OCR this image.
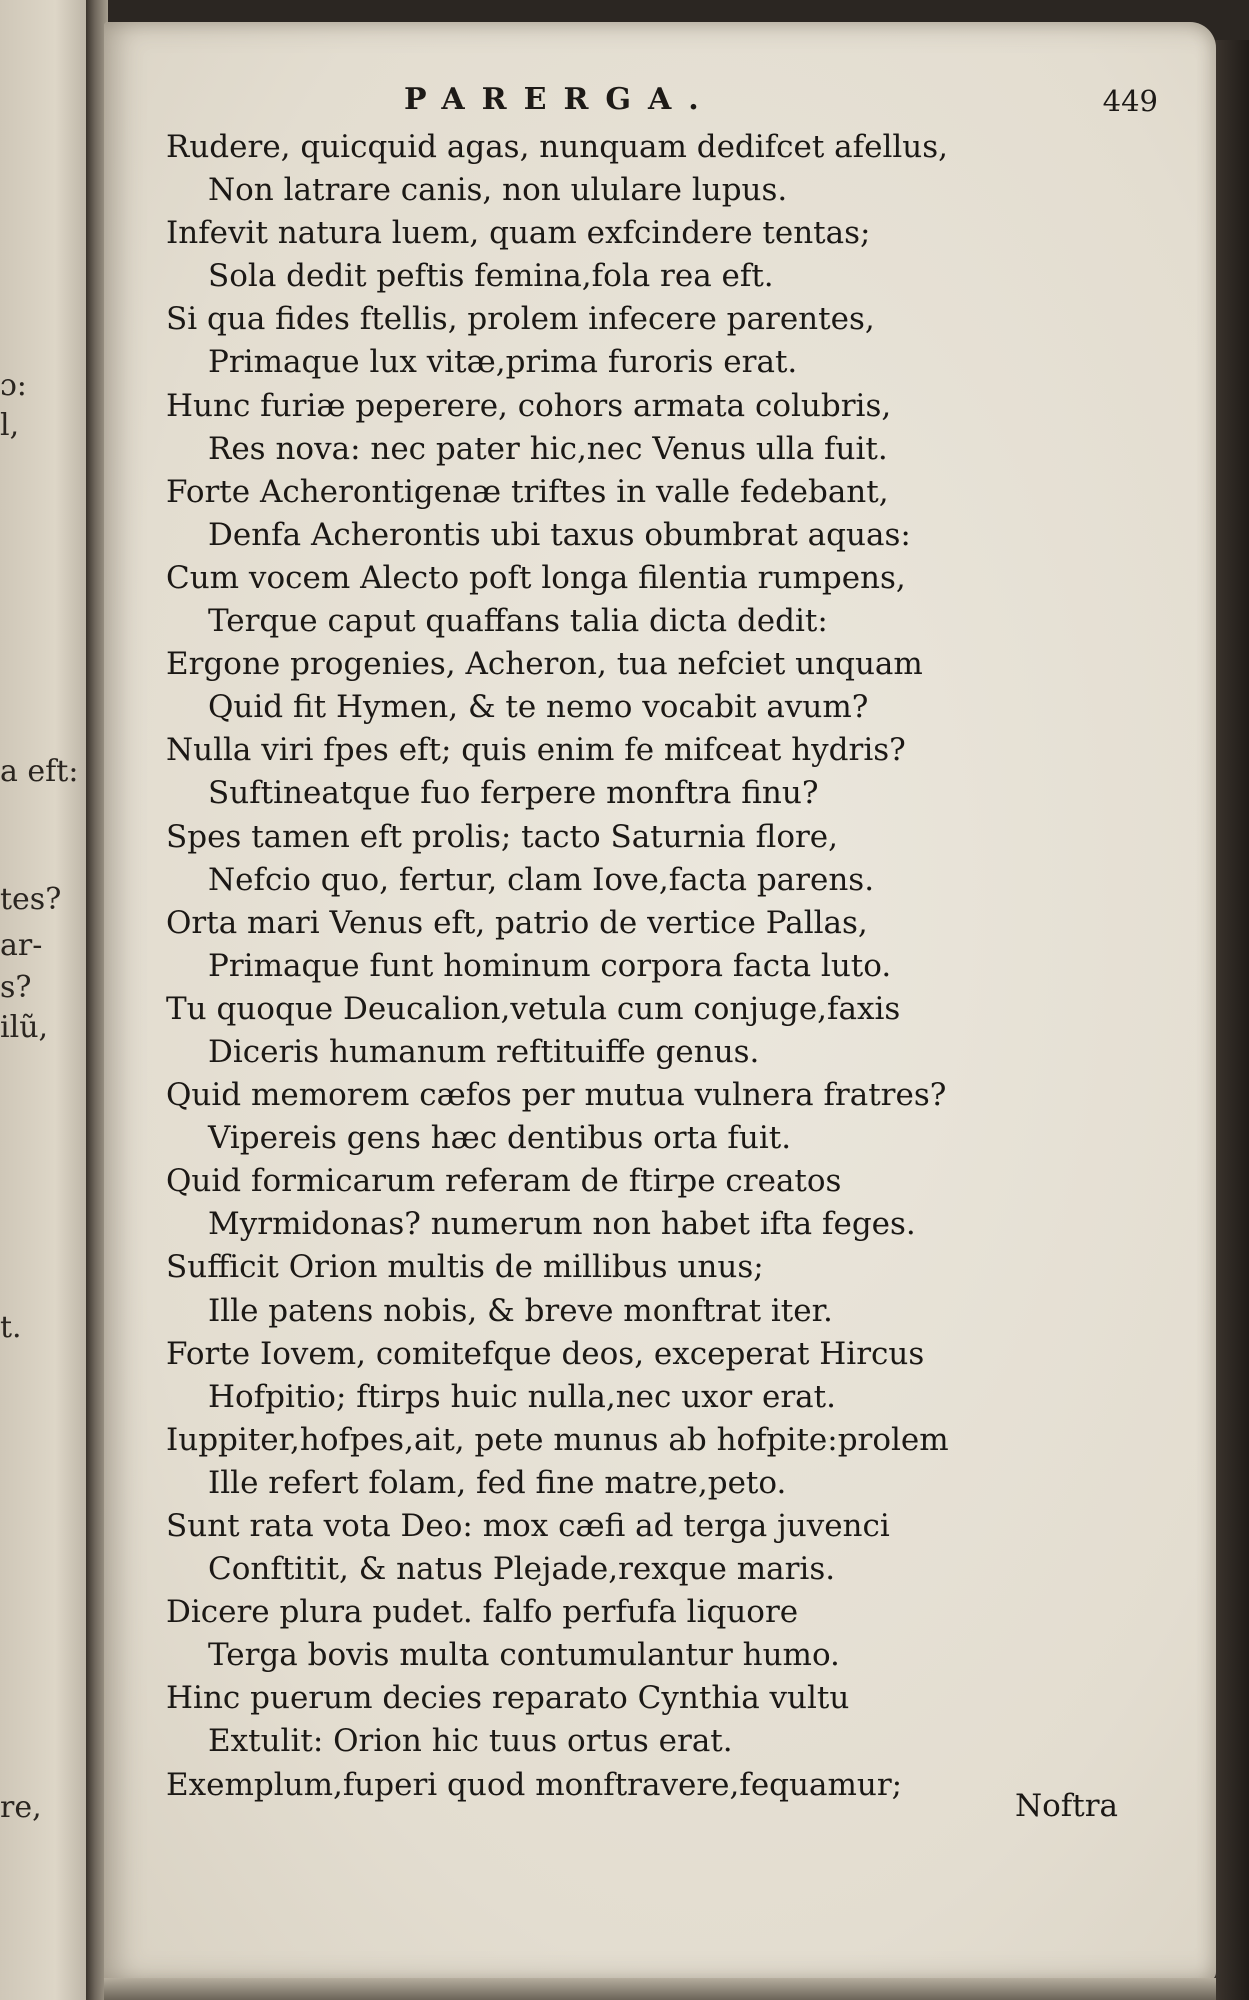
ɔ:
l,
a eft:
tes?
ar-
s?
ilũ,
t.
re,
PARERGA.	449
Rudere, quicquid agas, nunquam dedifcet afellus,
Non latrare canis, non ululare lupus.
Infevit natura luem, quam exfcindere tentas;
Sola dedit peftis femina,fola rea eft.
Si qua fides ftellis, prolem infecere parentes,
Primaque lux vitæ,prima furoris erat.
Hunc furiæ peperere, cohors armata colubris,
Res nova: nec pater hic,nec Venus ulla fuit.
Forte Acherontigenæ triftes in valle fedebant,
Denfa Acherontis ubi taxus obumbrat aquas:
Cum vocem Alecto poft longa filentia rumpens,
Terque caput quaffans talia dicta dedit:
Ergone progenies, Acheron, tua nefciet unquam
Quid fit Hymen, & te nemo vocabit avum?
Nulla viri fpes eft; quis enim fe mifceat hydris?
Suftineatque fuo ferpere monftra finu?
Spes tamen eft prolis; tacto Saturnia flore,
Nefcio quo, fertur, clam Iove,facta parens.
Orta mari Venus eft, patrio de vertice Pallas,
Primaque funt hominum corpora facta luto.
Tu quoque Deucalion,vetula cum conjuge,faxis
Diceris humanum reftituiffe genus.
Quid memorem cæfos per mutua vulnera fratres?
Vipereis gens hæc dentibus orta fuit.
Quid formicarum referam de ftirpe creatos
Myrmidonas? numerum non habet ifta feges.
Sufficit Orion multis de millibus unus;
Ille patens nobis, & breve monftrat iter.
Forte Iovem, comitefque deos, exceperat Hircus
Hofpitio; ftirps huic nulla,nec uxor erat.
Iuppiter,hofpes,ait, pete munus ab hofpite:prolem
Ille refert folam, fed fine matre,peto.
Sunt rata vota Deo: mox cæfi ad terga juvenci
Conftitit, & natus Plejade,rexque maris.
Dicere plura pudet. falfo perfufa liquore
Terga bovis multa contumulantur humo.
Hinc puerum decies reparato Cynthia vultu
Extulit: Orion hic tuus ortus erat.
Exemplum,fuperi quod monftravere,fequamur;
Noftra
